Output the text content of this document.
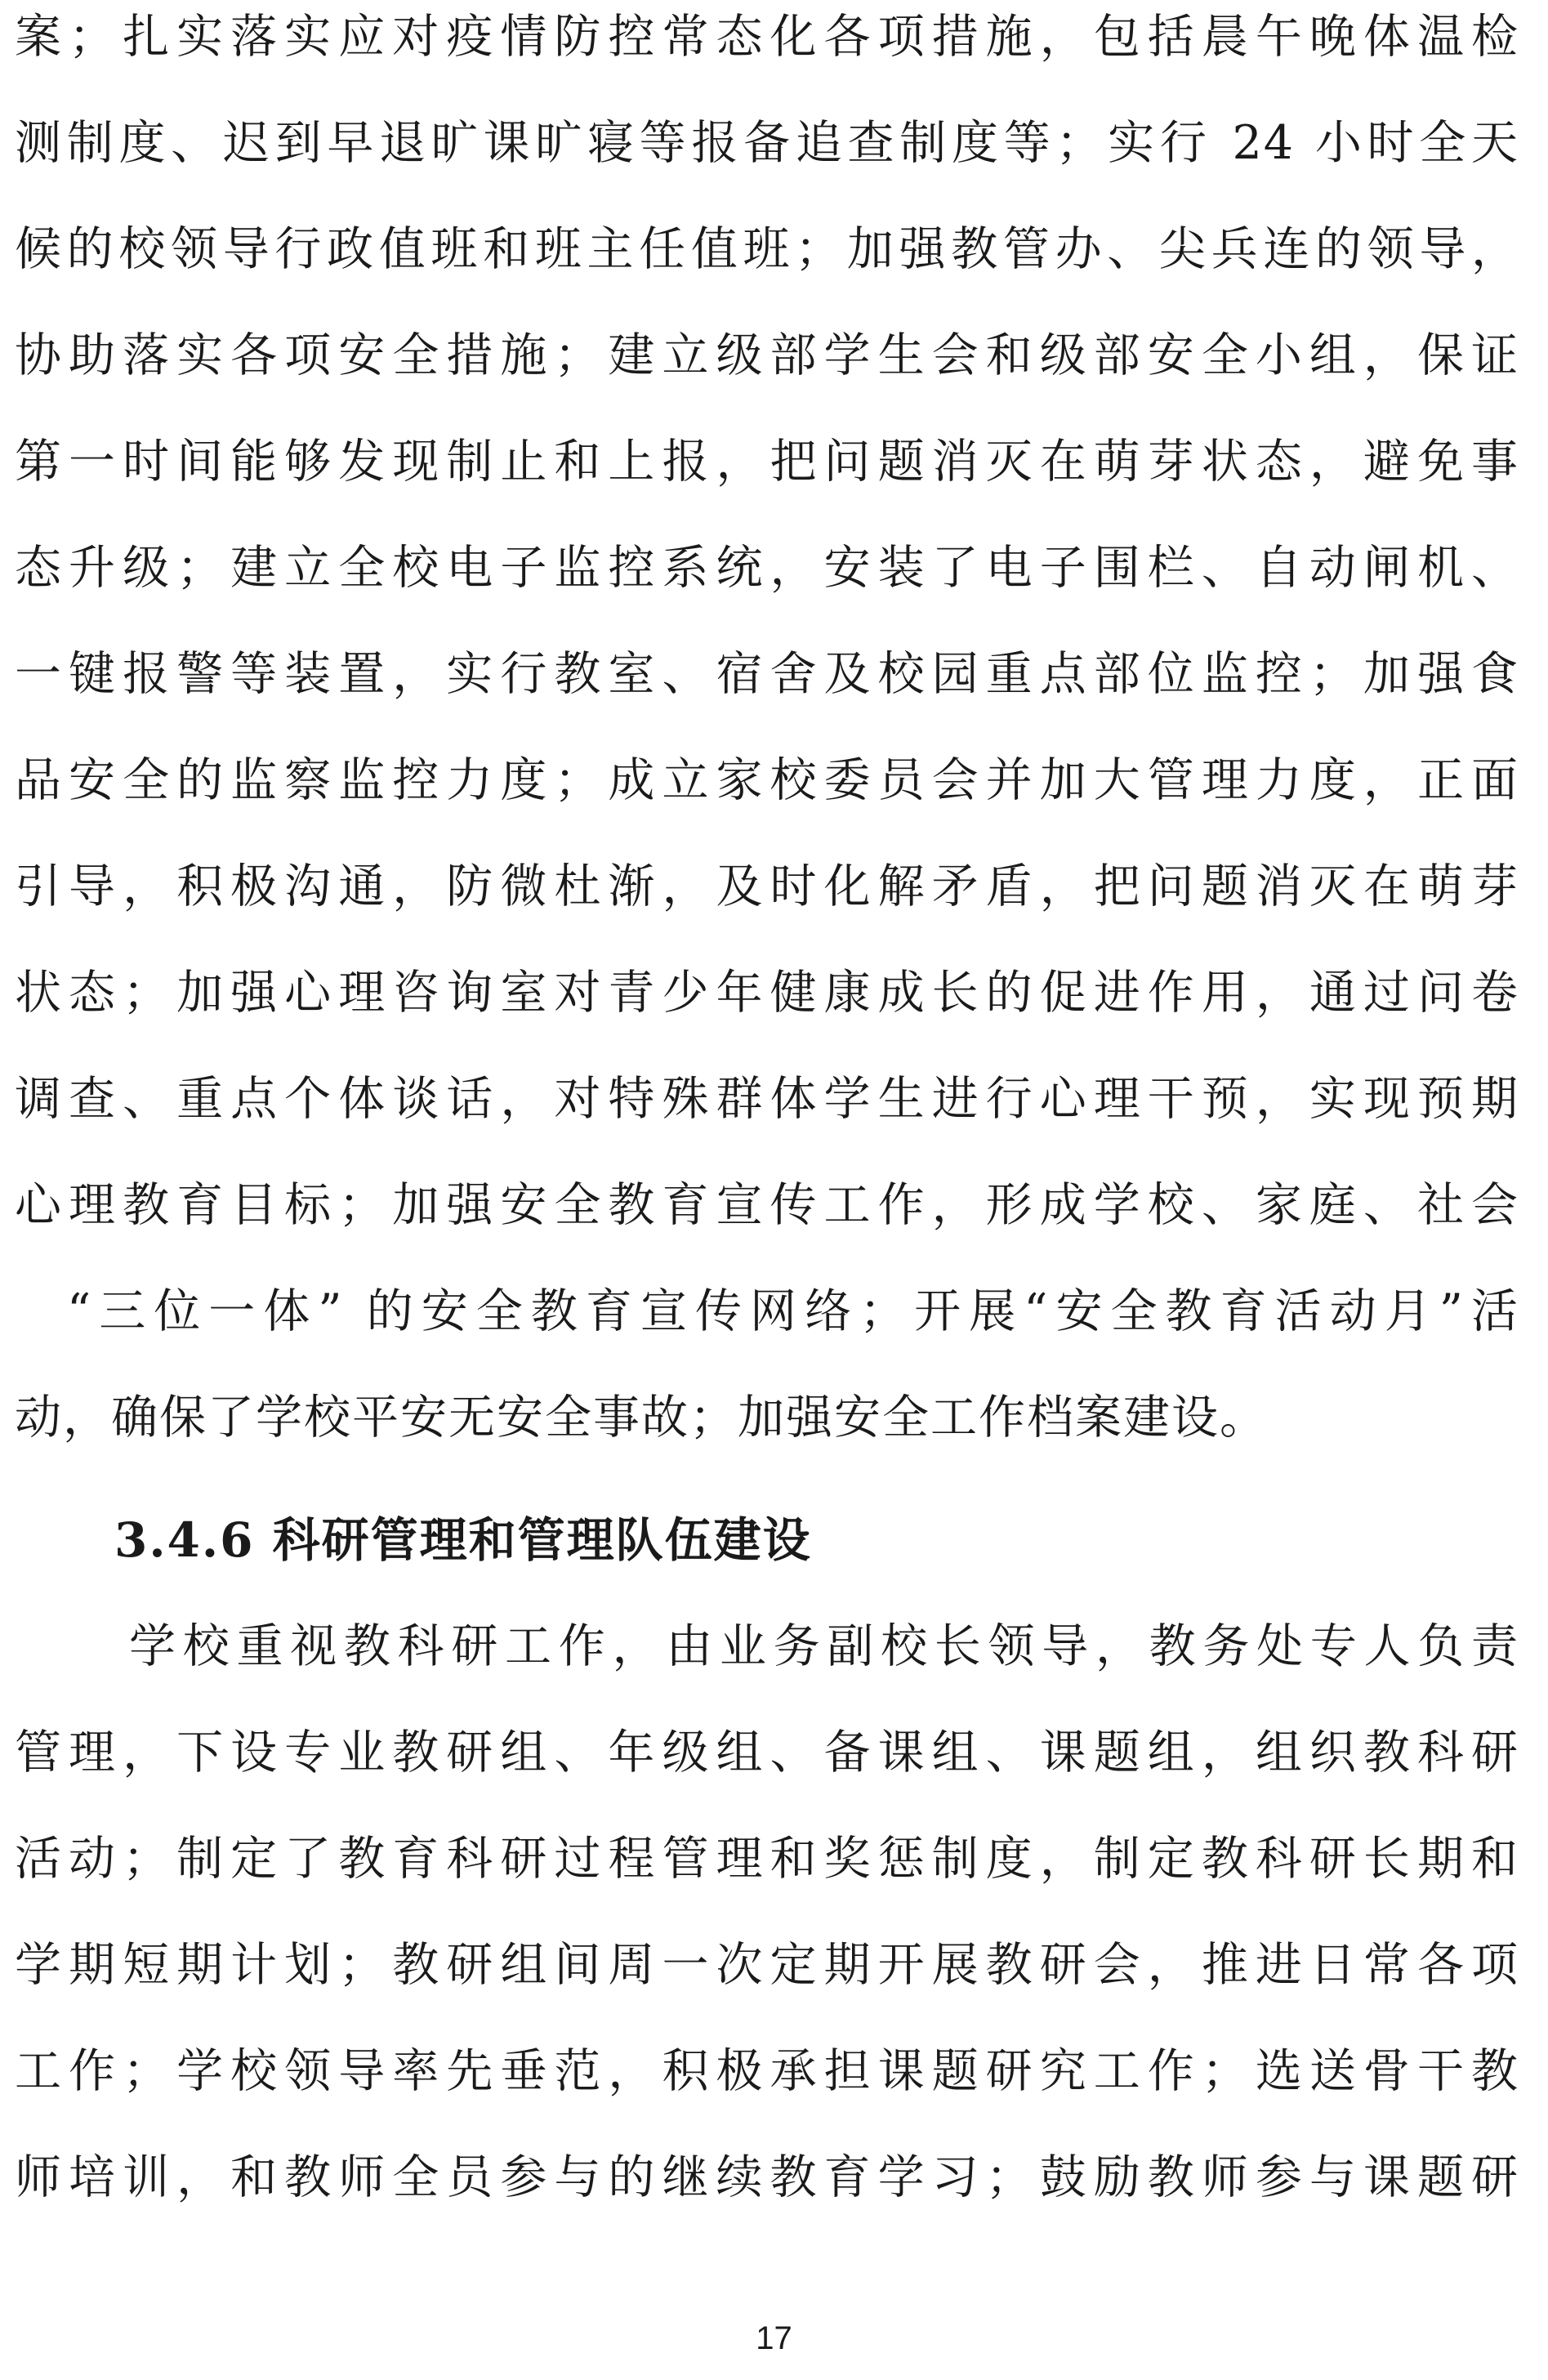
案；扎实落实应对疫情防控常态化各项措施，包括晨午晚体温检
测制度、迟到早退旷课旷寝等报备追查制度等；实行 24 小时全天
候的校领导行政值班和班主任值班；加强教管办、尖兵连的领导，
协助落实各项安全措施；建立级部学生会和级部安全小组，保证
第一时间能够发现制止和上报，把问题消灭在萌芽状态，避免事
态升级；建立全校电子监控系统，安装了电子围栏、自动闸机、
一键报警等装置，实行教室、宿舍及校园重点部位监控；加强食
品安全的监察监控力度；成立家校委员会并加大管理力度，正面
引导，积极沟通，防微杜渐，及时化解矛盾，把问题消灭在萌芽
状态；加强心理咨询室对青少年健康成长的促进作用，通过问卷
调查、重点个体谈话，对特殊群体学生进行心理干预，实现预期
心理教育目标；加强安全教育宣传工作，形成学校、家庭、社会
“三位一体” 的安全教育宣传网络；开展“安全教育活动月”活
动，确保了学校平安无安全事故；加强安全工作档案建设。
3.4.6 科研管理和管理队伍建设
学校重视教科研工作，由业务副校长领导，教务处专人负责
管理，下设专业教研组、年级组、备课组、课题组，组织教科研
活动；制定了教育科研过程管理和奖惩制度，制定教科研长期和
学期短期计划；教研组间周一次定期开展教研会，推进日常各项
工作；学校领导率先垂范，积极承担课题研究工作；选送骨干教
师培训，和教师全员参与的继续教育学习；鼓励教师参与课题研
17
